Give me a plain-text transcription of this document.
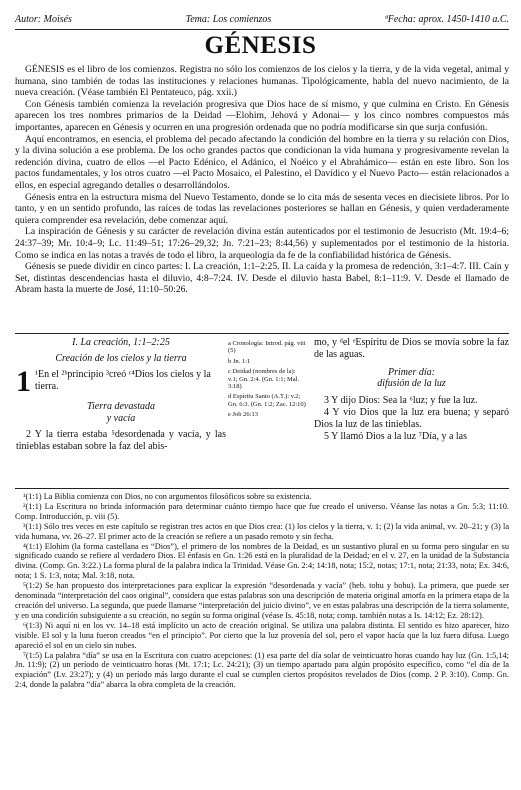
Autor: Moisés	Tema: Los comienzos	ªFecha: aprox. 1450-1410 a.C.
GÉNESIS

GÉNESIS es el libro de los comienzos. Registra no sólo los comienzos de los cielos y la tierra, y de la vida vegetal, animal y humana, sino también de todas las instituciones y relaciones humanas. Tipológicamente, habla del nuevo nacimiento, de la nueva creación. (Véase también El Pentateuco, pág. xxii.)

Con Génesis también comienza la revelación progresiva que Dios hace de sí mismo, y que culmina en Cristo. En Génesis aparecen los tres nombres primarios de la Deidad —Elohim, Jehová y Adonai— y los cinco nombres compuestos más importantes, aparecen en Génesis y ocurren en una progresión ordenada que no podría modificarse sin que surja confusión.

Aquí encontramos, en esencia, el problema del pecado afectando la condición del hombre en la tierra y su relación con Dios, y la divina solución a ese problema. De los ocho grandes pactos que condicionan la vida humana y progresivamente revelan la redención divina, cuatro de ellos —el Pacto Edénico, el Adánico, el Noéico y el Abrahámico— están en este libro. Son los pactos fundamentales, y los otros cuatro —el Pacto Mosaico, el Palestino, el Davídico y el Nuevo Pacto— están relacionados a ellos, en especial agregando detalles o desarrollándolos.

Génesis entra en la estructura misma del Nuevo Testamento, donde se lo cita más de sesenta veces en diecisiete libros. Por lo tanto, y en un sentido profundo, las raíces de todas las revelaciones posteriores se hallan en Génesis, y quien verdaderamente quiera comprender esa revelación, debe comenzar aquí.

La inspiración de Génesis y su carácter de revelación divina están autenticados por el testimonio de Jesucristo (Mt. 19:4–6; 24:37–39; Mr. 10:4–9; Lc. 11:49–51; 17:26–29,32; Jn. 7:21–23; 8:44,56) y suplementados por el testimonio de la historia. Como se indica en las notas a través de todo el libro, la arqueología da fe de la confiabilidad histórica de Génesis.

Génesis se puede dividir en cinco partes: I. La creación, 1:1–2:25. II. La caída y la promesa de redención, 3:1–4:7. III. Caín y Set, distintas descendencias hasta el diluvio, 4:8–7:24. IV. Desde el diluvio hasta Babel, 8:1–11:9. V. Desde el llamado de Abram hasta la muerte de José, 11:10–50:26.

I. La creación, 1:1–2:25
Creación de los cielos y la tierra
1 ¹En el ²ᵇprincipio ³creó ᶜ⁴Dios los cielos y la tierra.
Tierra devastada
y vacía
2 Y la tierra estaba ⁵desordenada y vacía, y las tinieblas estaban sobre la faz del abis-
a Cronología: Introd. pág. viii (5)
b Jn. 1:1
c Deidad (nombres de la): v.1; Gn. 2:4. (Gn. 1:1; Mal. 3:18)
d Espíritu Santo (A.T.): v.2; Gn. 6:3. (Gn. 1:2; Zac. 12:10)
e Job 26:13

mo, y ᵈel ᵉEspíritu de Dios se movía sobre la faz de las aguas.

Primer día:

difusión de la luz

3 Y dijo Dios: Sea la ⁶luz; y fue la luz.

4 Y vio Dios que la luz era buena; y separó Dios la luz de las tinieblas.

5 Y llamó Dios a la luz ⁷Día, y a las

¹(1:1) La Biblia comienza con Dios, no con argumentos filosóficos sobre su existencia.

²(1:1) La Escritura no brinda información para determinar cuánto tiempo hace que fue creado el universo. Véanse las notas a Gn. 5:3; 11:10. Comp. Introducción, p. viii (5).

³(1:1) Sólo tres veces en este capítulo se registran tres actos en que Dios crea: (1) los cielos y la tierra, v. 1; (2) la vida animal, vv. 20–21; y (3) la vida humana, vv. 26–27. El primer acto de la creación se refiere a un pasado remoto y sin fecha.

⁴(1:1) Elohim (la forma castellana es “Dios”), el primero de los nombres de la Deidad, es un sustantivo plural en su forma pero singular en su significado cuando se refiere al verdadero Dios. El énfasis en Gn. 1:26 está en la pluralidad de la Deidad; en el v. 27, en la unidad de la Substancia divina. (Comp. Gn. 3:22.) La forma plural de la palabra indica la Trinidad. Véase Gn. 2:4; 14:18, nota; 15:2, notas; 17:1, nota; 21:33, nota; Ex. 34:6, nota; 1 S. 1:3, nota; Mal. 3:18, nota.

⁵(1:2) Se han propuesto dos interpretaciones para explicar la expresión “desordenada y vacía” (heb. tohu y bohu). La primera, que puede ser denominada “interpretación del caos original”, considera que estas palabras son una descripción de materia original amorfa en la primera etapa de la creación del universo. La segunda, que puede llamarse “interpretación del juicio divino”, ve en estas palabras una descripción de la tierra solamente, y en una condición subsiguiente a su creación, no según su forma original (véase Is. 45:18, nota; comp. también notas a Is. 14:12; Ez. 28:12).

⁶(1:3) Ni aquí ni en los vv. 14–18 está implícito un acto de creación original. Se utiliza una palabra distinta. El sentido es hizo aparecer, hizo visible. El sol y la luna fueron creados “en el principio”. Por cierto que la luz provenía del sol, pero el vapor hacía que la luz fuera difusa. Luego apareció el sol en un cielo sin nubes.

⁷(1:5) La palabra “día” se usa en la Escritura con cuatro acepciones: (1) esa parte del día solar de veinticuatro horas cuando hay luz (Gn. 1:5,14; Jn. 11:9); (2) un período de veinticuatro horas (Mt. 17:1; Lc. 24:21); (3) un tiempo apartado para algún propósito específico, como “el día de la expiación” (Lv. 23:27); y (4) un período más largo durante el cual se cumplen ciertos propósitos revelados de Dios (comp. 2 P. 3:10). Comp. Gn. 2:4, donde la palabra “día” abarca la obra completa de la creación.
